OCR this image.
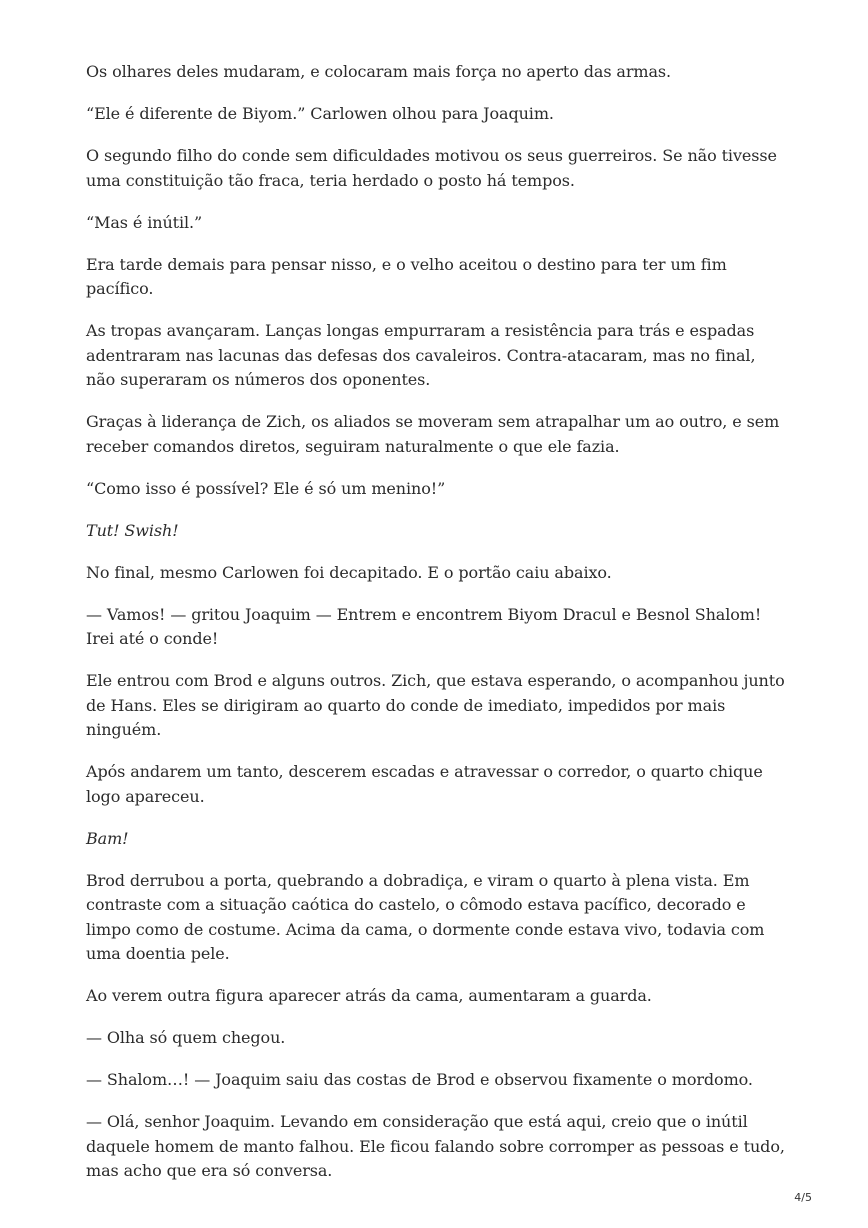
Os olhares deles mudaram, e colocaram mais força no aperto das armas.

“Ele é diferente de Biyom.” Carlowen olhou para Joaquim.

O segundo filho do conde sem dificuldades motivou os seus guerreiros. Se não tivesse uma constituição tão fraca, teria herdado o posto há tempos.

“Mas é inútil.”

Era tarde demais para pensar nisso, e o velho aceitou o destino para ter um fim pacífico.

As tropas avançaram. Lanças longas empurraram a resistência para trás e espadas adentraram nas lacunas das defesas dos cavaleiros. Contra-atacaram, mas no final, não superaram os números dos oponentes.

Graças à liderança de Zich, os aliados se moveram sem atrapalhar um ao outro, e sem receber comandos diretos, seguiram naturalmente o que ele fazia.

“Como isso é possível? Ele é só um menino!”

Tut! Swish!

No final, mesmo Carlowen foi decapitado. E o portão caiu abaixo.

— Vamos! — gritou Joaquim — Entrem e encontrem Biyom Dracul e Besnol Shalom! Irei até o conde!

Ele entrou com Brod e alguns outros. Zich, que estava esperando, o acompanhou junto de Hans. Eles se dirigiram ao quarto do conde de imediato, impedidos por mais ninguém.

Após andarem um tanto, descerem escadas e atravessar o corredor, o quarto chique logo apareceu.

Bam!

Brod derrubou a porta, quebrando a dobradiça, e viram o quarto à plena vista. Em contraste com a situação caótica do castelo, o cômodo estava pacífico, decorado e limpo como de costume. Acima da cama, o dormente conde estava vivo, todavia com uma doentia pele.

Ao verem outra figura aparecer atrás da cama, aumentaram a guarda.

— Olha só quem chegou.

— Shalom…! — Joaquim saiu das costas de Brod e observou fixamente o mordomo.

— Olá, senhor Joaquim. Levando em consideração que está aqui, creio que o inútil daquele homem de manto falhou. Ele ficou falando sobre corromper as pessoas e tudo, mas acho que era só conversa.

4/5
